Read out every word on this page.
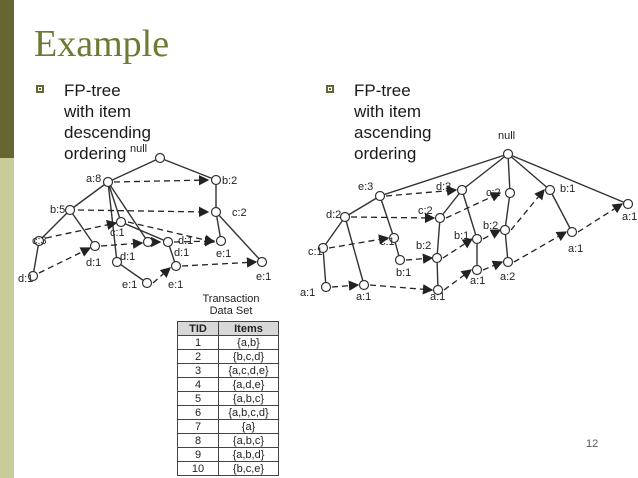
Example
FP-tree with item
descending ordering
FP-tree with item ascending
ordering
null
a:8	b:2
b:5	c:2
c:3
c:1
d:1
d:1
d:1
d:1
d:1
e:1
e:1	e:1
e:1
null
e:3	d:3	c:2	b:1
a:1
d:2	c:2
b:2
c:1
c:1	b:2
b:1
b:1
a:1
a:1	a:1	a:1
a:1 a:2
Transaction
Data Set
TID	Items
1	{a,b}
2	{b,c,d}
3	{a,c,d,e}
4	{a,d,e}
5	{a,b,c}
6	{a,b,c,d}
7	{a}
8	{a,b,c}
9	{a,b,d}
10	{b,c,e}
12
